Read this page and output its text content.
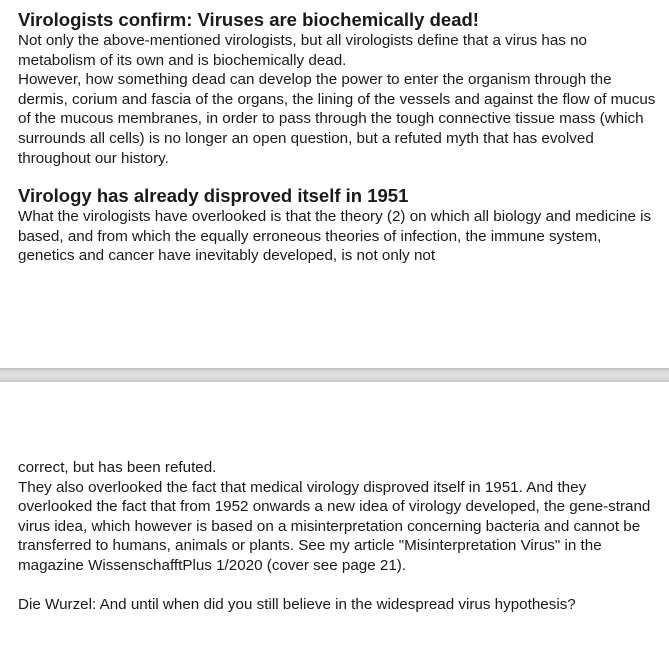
Virologists confirm: Viruses are biochemically dead!

Not only the above-mentioned virologists, but all virologists define that a virus has no metabolism of its own and is biochemically dead.

However, how something dead can develop the power to enter the organism through the dermis, corium and fascia of the organs, the lining of the vessels and against the flow of mucus of the mucous membranes, in order to pass through the tough connective tissue mass (which surrounds all cells) is no longer an open question, but a refuted myth that has evolved throughout our history.

Virology has already disproved itself in 1951

What the virologists have overlooked is that the theory (2) on which all biology and medicine is based, and from which the equally erroneous theories of infection, the immune system, genetics and cancer have inevitably developed, is not only not

correct, but has been refuted.

They also overlooked the fact that medical virology disproved itself in 1951. And they overlooked the fact that from 1952 onwards a new idea of virology developed, the gene-strand virus idea, which however is based on a misinterpretation concerning bacteria and cannot be transferred to humans, animals or plants. See my article "Misinterpretation Virus" in the magazine WissenschafftPlus 1/2020 (cover see page 21).

Die Wurzel: And until when did you still believe in the widespread virus hypothesis?
